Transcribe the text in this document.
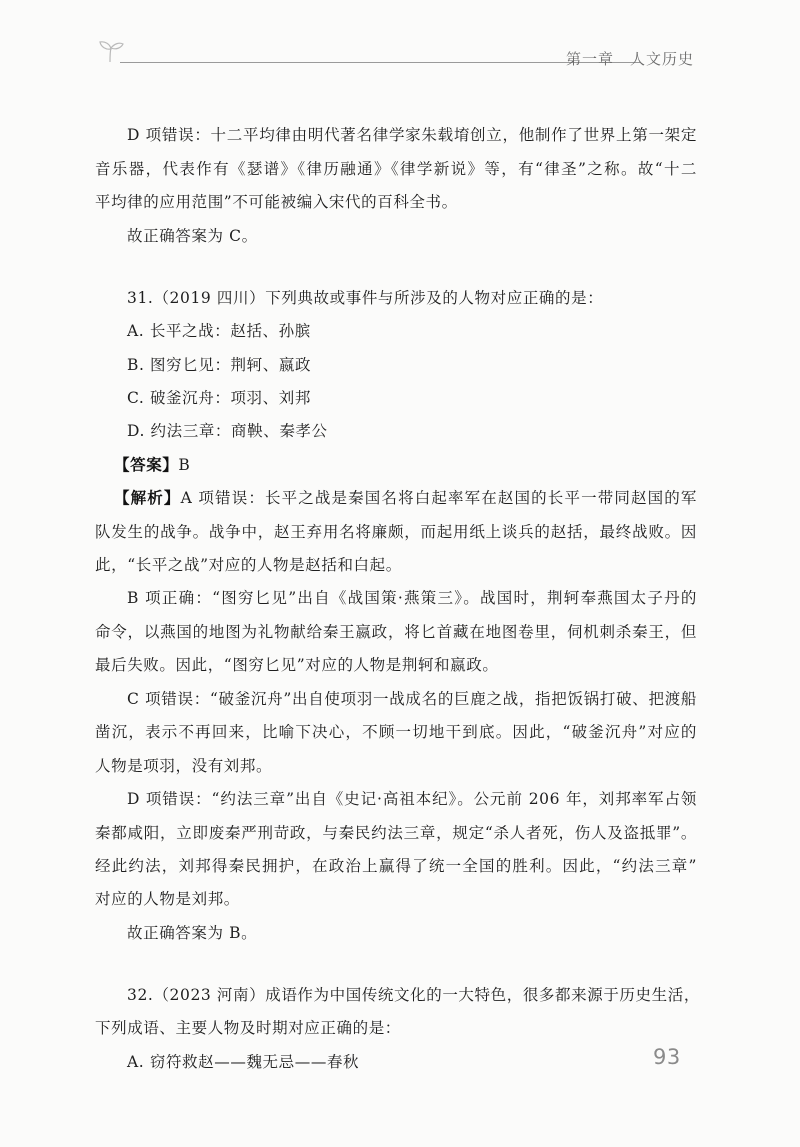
第一章 人文历史
D 项错误：十二平均律由明代著名律学家朱载堉创立，他制作了世界上第一架定
音乐器，代表作有《瑟谱》《律历融通》《律学新说》等，有“律圣”之称。故“十二
平均律的应用范围”不可能被编入宋代的百科全书。
故正确答案为 C。
31.（2019 四川）下列典故或事件与所涉及的人物对应正确的是：
A. 长平之战：赵括、孙膑
B. 图穷匕见：荆轲、嬴政
C. 破釜沉舟：项羽、刘邦
D. 约法三章：商鞅、秦孝公
【答案】B
【解析】A 项错误：长平之战是秦国名将白起率军在赵国的长平一带同赵国的军
队发生的战争。战争中，赵王弃用名将廉颇，而起用纸上谈兵的赵括，最终战败。因
此，“长平之战”对应的人物是赵括和白起。
B 项正确：“图穷匕见”出自《战国策·燕策三》。战国时，荆轲奉燕国太子丹的
命令，以燕国的地图为礼物献给秦王嬴政，将匕首藏在地图卷里，伺机刺杀秦王，但
最后失败。因此，“图穷匕见”对应的人物是荆轲和嬴政。
C 项错误：“破釜沉舟”出自使项羽一战成名的巨鹿之战，指把饭锅打破、把渡船
凿沉，表示不再回来，比喻下决心，不顾一切地干到底。因此，“破釜沉舟”对应的
人物是项羽，没有刘邦。
D 项错误：“约法三章”出自《史记·高祖本纪》。公元前 206 年，刘邦率军占领
秦都咸阳，立即废秦严刑苛政，与秦民约法三章，规定“杀人者死，伤人及盗抵罪”。
经此约法，刘邦得秦民拥护，在政治上赢得了统一全国的胜利。因此，“约法三章”
对应的人物是刘邦。
故正确答案为 B。
32.（2023 河南）成语作为中国传统文化的一大特色，很多都来源于历史生活，
下列成语、主要人物及时期对应正确的是：
A. 窃符救赵——魏无忌——春秋	93
